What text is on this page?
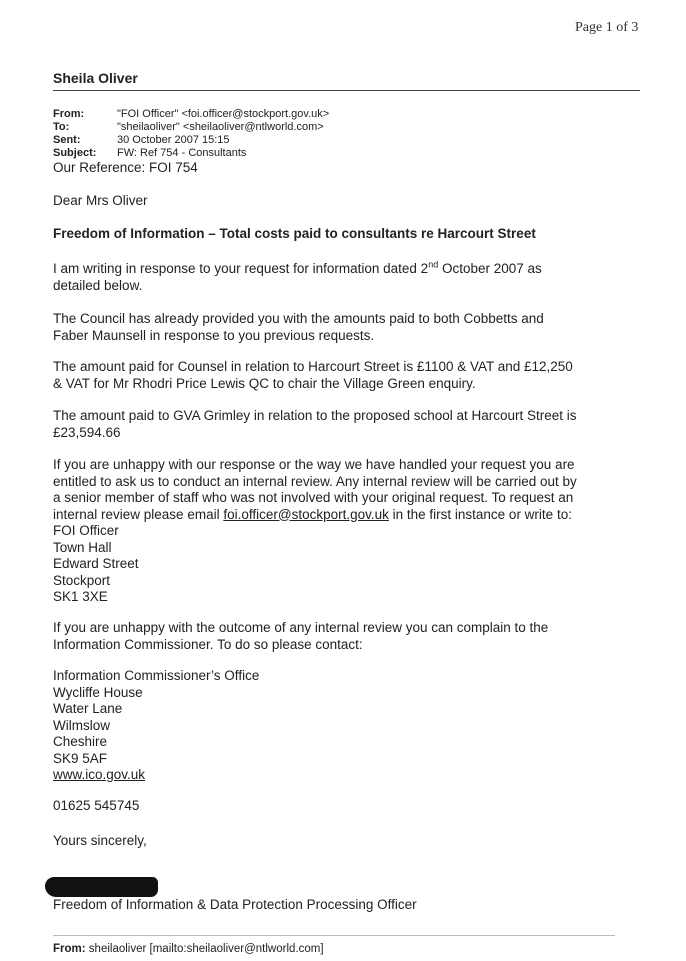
Page 1 of 3
Sheila Oliver
From:	"FOI Officer" <foi.officer@stockport.gov.uk>
To:	"sheilaoliver" <sheilaoliver@ntlworld.com>
Sent:	30 October 2007 15:15
Subject: FW: Ref 754 - Consultants
Our Reference: FOI 754
Dear Mrs Oliver
Freedom of Information – Total costs paid to consultants re Harcourt Street
I am writing in response to your request for information dated 2nd October 2007 as
detailed below.
The Council has already provided you with the amounts paid to both Cobbetts and
Faber Maunsell in response to you previous requests.
The amount paid for Counsel in relation to Harcourt Street is £1100 & VAT and £12,250
& VAT for Mr Rhodri Price Lewis QC to chair the Village Green enquiry.
The amount paid to GVA Grimley in relation to the proposed school at Harcourt Street is
£23,594.66
If you are unhappy with our response or the way we have handled your request you are
entitled to ask us to conduct an internal review. Any internal review will be carried out by
a senior member of staff who was not involved with your original request. To request an
internal review please email foi.officer@stockport.gov.uk in the first instance or write to:
FOI Officer
Town Hall
Edward Street
Stockport
SK1 3XE
If you are unhappy with the outcome of any internal review you can complain to the
Information Commissioner. To do so please contact:
Information Commissioner’s Office
Wycliffe House
Water Lane
Wilmslow
Cheshire
SK9 5AF
www.ico.gov.uk
01625 545745
Yours sincerely,
Freedom of Information & Data Protection Processing Officer
From: sheilaoliver [mailto:sheilaoliver@ntlworld.com]
